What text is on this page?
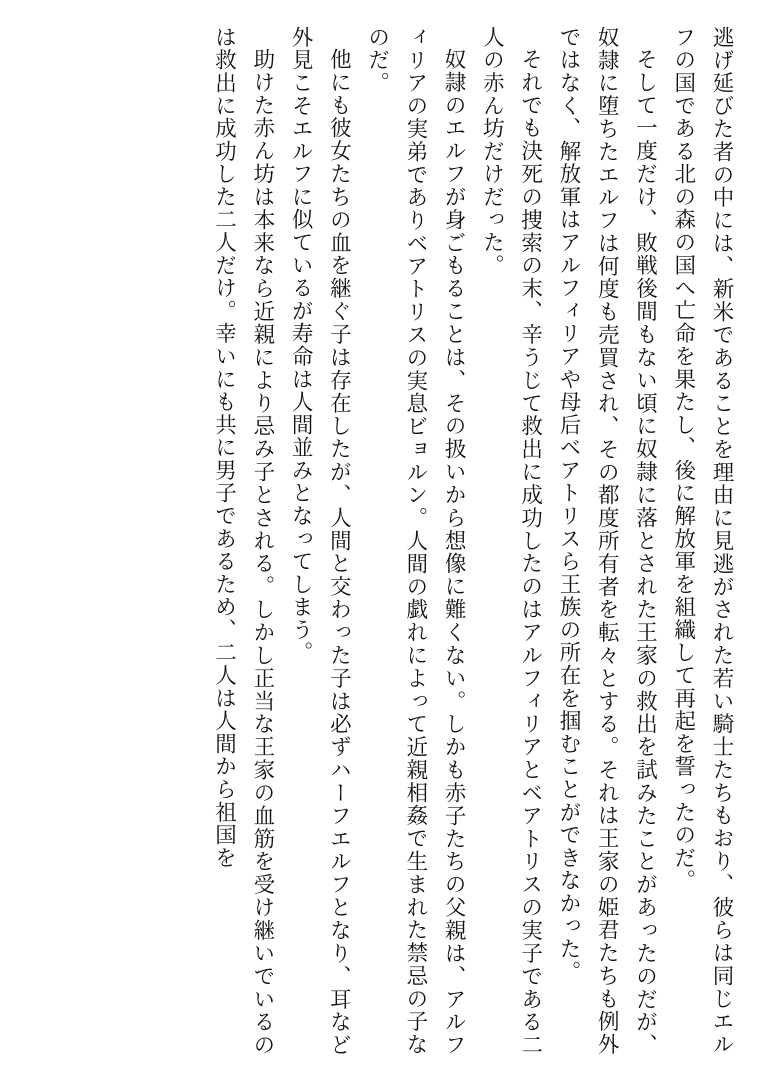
逃げ延びた者の中には、新米であることを理由に見逃がされた若い騎士たちもおり、彼らは同じエルフの国である北の森の国へ亡命を果たし、後に解放軍を組織して再起を誓ったのだ。

そして一度だけ、敗戦後間もない頃に奴隷に落とされた王家の救出を試みたことがあったのだが、奴隷に堕ちたエルフは何度も売買され、その都度所有者を転々とする。それは王家の姫君たちも例外ではなく、解放軍はアルフィリアや母后ベアトリスら王族の所在を掴むことができなかった。

それでも決死の捜索の末、辛うじて救出に成功したのはアルフィリアとベアトリスの実子である二人の赤ん坊だけだった。

奴隷のエルフが身ごもることは、その扱いから想像に難くない。しかも赤子たちの父親は、アルフィリアの実弟でありベアトリスの実息ビョルン。人間の戯れによって近親相姦で生まれた禁忌の子なのだ。

他にも彼女たちの血を継ぐ子は存在したが、人間と交わった子は必ずハーフエルフとなり、耳など外見こそエルフに似ているが寿命は人間並みとなってしまう。

助けた赤ん坊は本来なら近親により忌み子とされる。しかし正当な王家の血筋を受け継いでいるのは救出に成功した二人だけ。幸いにも共に男子であるため、二人は人間から祖国を
